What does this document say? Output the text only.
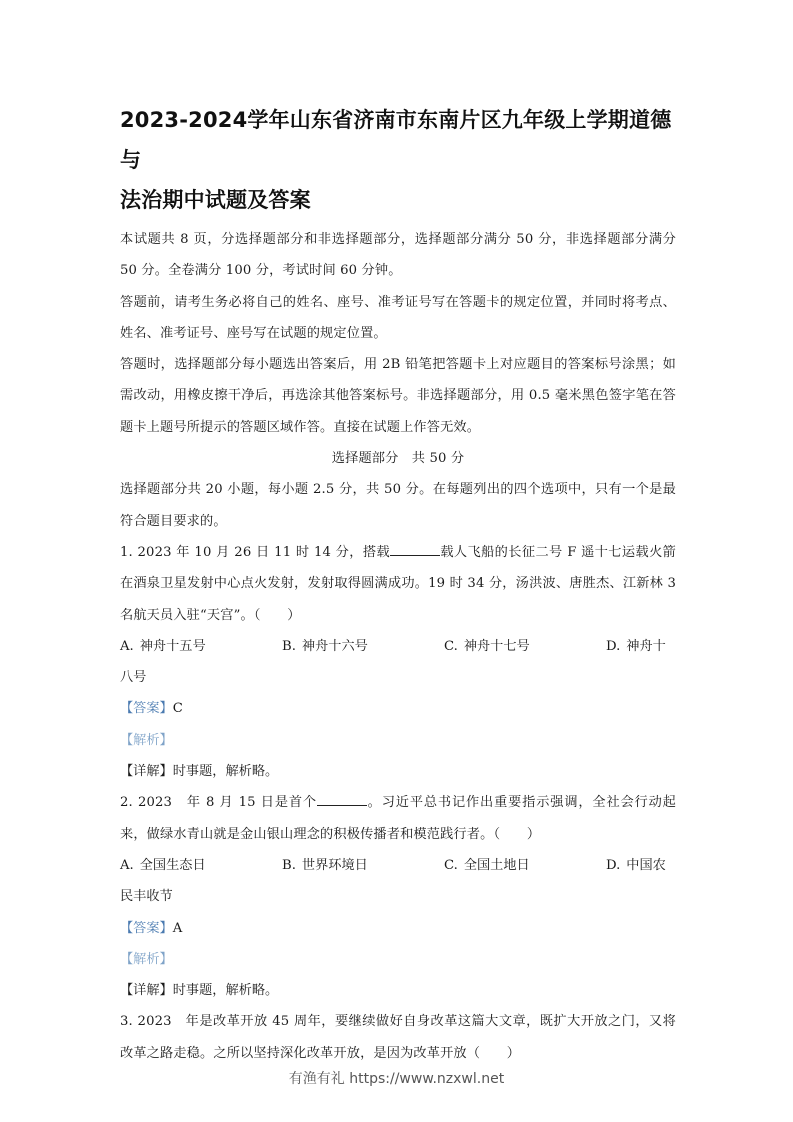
2023-2024学年山东省济南市东南片区九年级上学期道德与
法治期中试题及答案

本试题共 8 页，分选择题部分和非选择题部分，选择题部分满分 50 分，非选择题部分满分 50 分。全卷满分 100 分，考试时间 60 分钟。

答题前，请考生务必将自己的姓名、座号、准考证号写在答题卡的规定位置，并同时将考点、姓名、准考证号、座号写在试题的规定位置。

答题时，选择题部分每小题选出答案后，用 2B 铅笔把答题卡上对应题目的答案标号涂黑；如需改动，用橡皮擦干净后，再选涂其他答案标号。非选择题部分，用 0.5 毫米黑色签字笔在答题卡上题号所提示的答题区域作答。直接在试题上作答无效。

选择题部分　共 50 分

选择题部分共 20 小题，每小题 2.5 分，共 50 分。在每题列出的四个选项中，只有一个是最符合题目要求的。

1. 2023 年 10 月 26 日 11 时 14 分，搭载	载人飞船的长征二号 F 遥十七运载火箭在酒泉卫星发射中心点火发射，发射取得圆满成功。19 时 34 分，汤洪波、唐胜杰、江新林 3 名航天员入驻“天宫”。（　　）

A. 神舟十五号	B. 神舟十六号	C. 神舟十七号	D. 神舟十
八号
【答案】C
【解析】
【详解】时事题，解析略。

2. 2023　年 8 月 15 日是首个	。习近平总书记作出重要指示强调，全社会行动起来，做绿水青山就是金山银山理念的积极传播者和模范践行者。（　　）

A. 全国生态日	B. 世界环境日	C. 全国土地日	D. 中国农
民丰收节
【答案】A
【解析】
【详解】时事题，解析略。

3. 2023　年是改革开放 45 周年，要继续做好自身改革这篇大文章，既扩大开放之门，又将改革之路走稳。之所以坚持深化改革开放，是因为改革开放（　　）

有渔有礼 https://www.nzxwl.net
